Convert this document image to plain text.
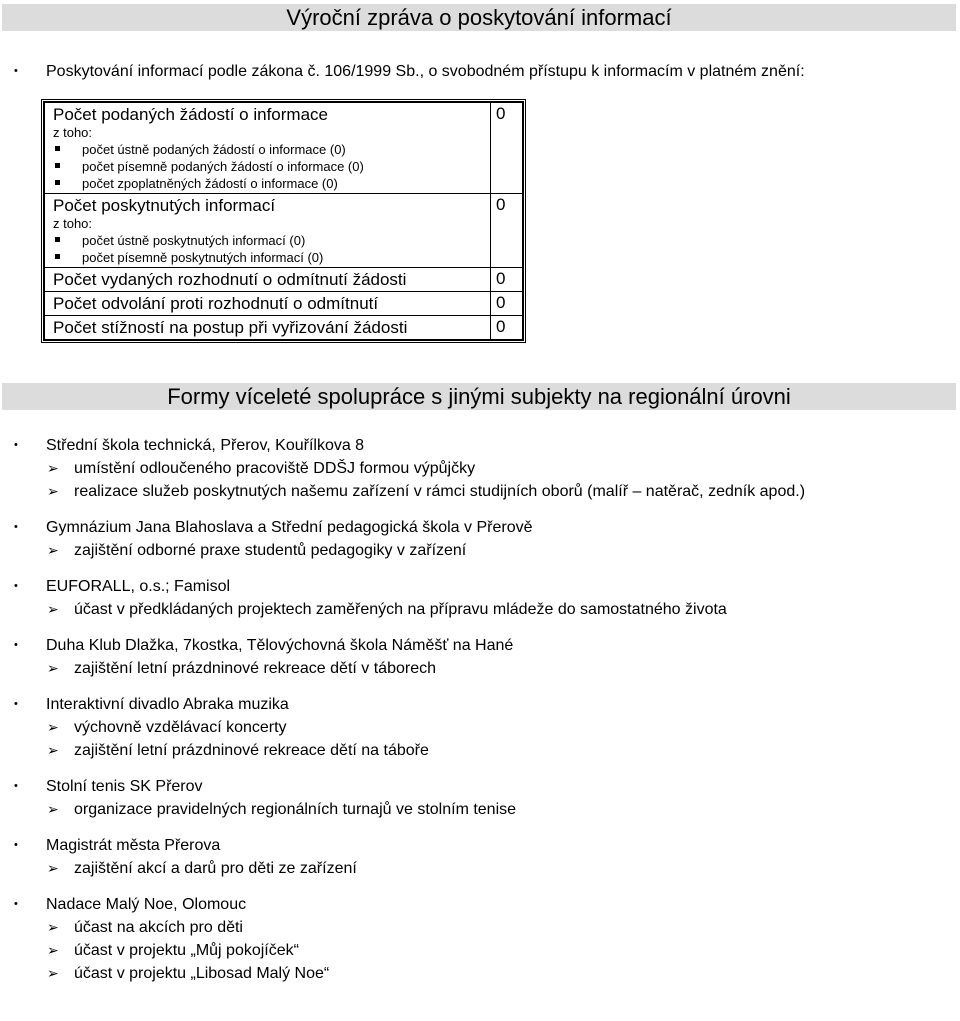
Výroční zpráva o poskytování informací
• Poskytování informací podle zákona č. 106/1999 Sb., o svobodném přístupu k informacím v platném znění:
Počet podaných žádostí o informace
z toho:
počet ústně podaných žádostí o informace (0)
počet písemně podaných žádostí o informace (0)
počet zpoplatněných žádostí o informace (0)	0

Počet poskytnutých informací
z toho:
počet ústně poskytnutých informací (0)
počet písemně poskytnutých informací (0)	0
Počet vydaných rozhodnutí o odmítnutí žádosti	0
Počet odvolání proti rozhodnutí o odmítnutí	0
Počet stížností na postup při vyřizování žádosti	0
Formy víceleté spolupráce s jinými subjekty na regionální úrovni
• Střední škola technická, Přerov, Kouřílkova 8
➢ umístění odloučeného pracoviště DDŠJ formou výpůjčky
➢ realizace služeb poskytnutých našemu zařízení v rámci studijních oborů (malíř – natěrač, zedník apod.)
• Gymnázium Jana Blahoslava a Střední pedagogická škola v Přerově
➢ zajištění odborné praxe studentů pedagogiky v zařízení
• EUFORALL, o.s.; Famisol
➢ účast v předkládaných projektech zaměřených na přípravu mládeže do samostatného života
• Duha Klub Dlažka, 7kostka, Tělovýchovná škola Náměšť na Hané
➢ zajištění letní prázdninové rekreace dětí v táborech
• Interaktivní divadlo Abraka muzika
➢ výchovně vzdělávací koncerty
➢ zajištění letní prázdninové rekreace dětí na táboře
• Stolní tenis SK Přerov
➢ organizace pravidelných regionálních turnajů ve stolním tenise
• Magistrát města Přerova
➢ zajištění akcí a darů pro děti ze zařízení
• Nadace Malý Noe, Olomouc
➢ účast na akcích pro děti
➢ účast v projektu „Můj pokojíček“
➢ účast v projektu „Libosad Malý Noe“
